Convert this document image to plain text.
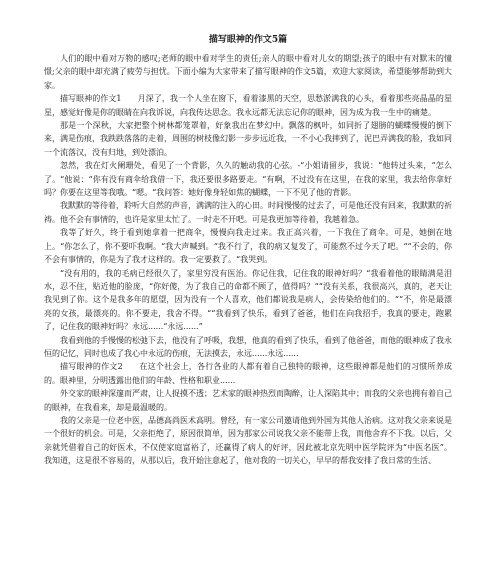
描写眼神的作文5篇

人们的眼中看对万物的感叹;老师的眼中看对学生的责任;亲人的眼中看对儿女的期望;孩子的眼中有对默末的憧憬;父亲的眼中却充满了疲劳与担忧。下面小编为大家带来了描写眼神的作文5篇，欢迎大家阅读，希望能够帮助到大家。

描写眼神的作文1　　月深了，我一个人坐在窗下，看着漆黑的天空，思愁淤满我的心头，看着那些亮晶晶的星星，感觉好像是你的眼睛在向我诉说，向我传达思念。我永远都无法忘记你的眼神，因为成为我一生中的痛楚。

那是一个深秋，大家把整个树林都笼罩着，好象我出在梦幻中。飘落的枫叶，如同折了翅膀的蝴蝶慢慢的倒下来，满是伤痕，我跌跌落落的走着，周围的树枝像幻影一步步远近我，一不小心我摔到了，泥巴弄满我的脸，我如同一个流落汉，没有归地，到处漂泊。

忽然，我在灯火阑珊处，看见了一个背影，久久的触动我的心弦。-“小姐请留步，我说：“他转过头来，“怎么了。“他说：“你有没有商伞给我借一下，我还要很多路要走。“有啊，不过没有在这里，在我的家里，我去给你拿好吗？你要在这里等我哦。“嗯。“我问答：她好像身轻如焦的蝴蝶，一下不见了他的背影。

我默默的等待着，聆听大自然的声音，满满的注入的心田。时间慢慢的过去了，可是他还没有回来，我默默的祈祷。他不会有事情的，也许是家里太忙了。一时走不开吧。可是我更加等待着，我越着急。

我等了好久，终于看到她拿着一把商伞，慢慢向我走过来。我正高兴着，一下我住了商伞。可是，她倒在地上。“你怎么了，你不要吓我啊。“我大声喊到。“我不行了，我的病又复发了，可能熬不过今天了吧。““不会的，你不会有事情的，你是为了我才这样的。我一定要救了。“我哭到。

“没有用的，我的毛病已经很久了，家里穷没有医治。你记住我，记住我的眼神好吗？“我看着他的眼睛满是泪水，忍不住，贴近他的脸庞，“你好傻，为了我自己的命都不顾了，值得吗？““没有关系，我很高兴，真的，老天让我见到了你。这个是我多年的愿望，因为没有一个人喜欢，他们都说我是病人，会传染给他们的。““不，你是最漂亮的女孩，最漂亮的。你不要走，我舍不得。““我看到了快乐，看到了爸爸，他们在向我招手，我真的要走，跑累了，记住我的眼神好吗？永远......“永远......”

我看到他的手慢慢的松弛下去，他没有了呼吸，我想，他真的看到了快乐，看到了他爸爸，而他的眼神成了我永恒的记忆，同时也成了我心中永远的伤痕，无法摸去，永远......永远......

描写眼神的作文2　　在这个社会上，各行各业的人都有着自己独特的眼神，这些眼神都是他们的习惯所养成的。眼神里，分明透露出他们的年龄、性格和职业......

外交家的眼神深邃而严肃，让人捉摸不透；艺术家的眼神热烈而陶醉，让人深陷其中；而我的父亲也拥有着自己的眼神，在我看来，却是最温暖的。

我的父亲是一位老中医，品德高尚医术高明。曾经，有一家公司邀请他到外国为其他人治病。这对我父亲来说是一个很好的机会。可是，父亲拒绝了，原因很简单，因为那家公司说我父亲不能带上我，而他舍弃不下我。以后，父亲就凭借着自己的好医术，不仅使家庭富裕了，还赢得了病人的好评，因此被北京先明中医学院评为“中医名医”。我知道，这是很不容易的，从那以后，我开始注意起了，他对我的一切关心，早早的帮我安排了我日常的生活、
